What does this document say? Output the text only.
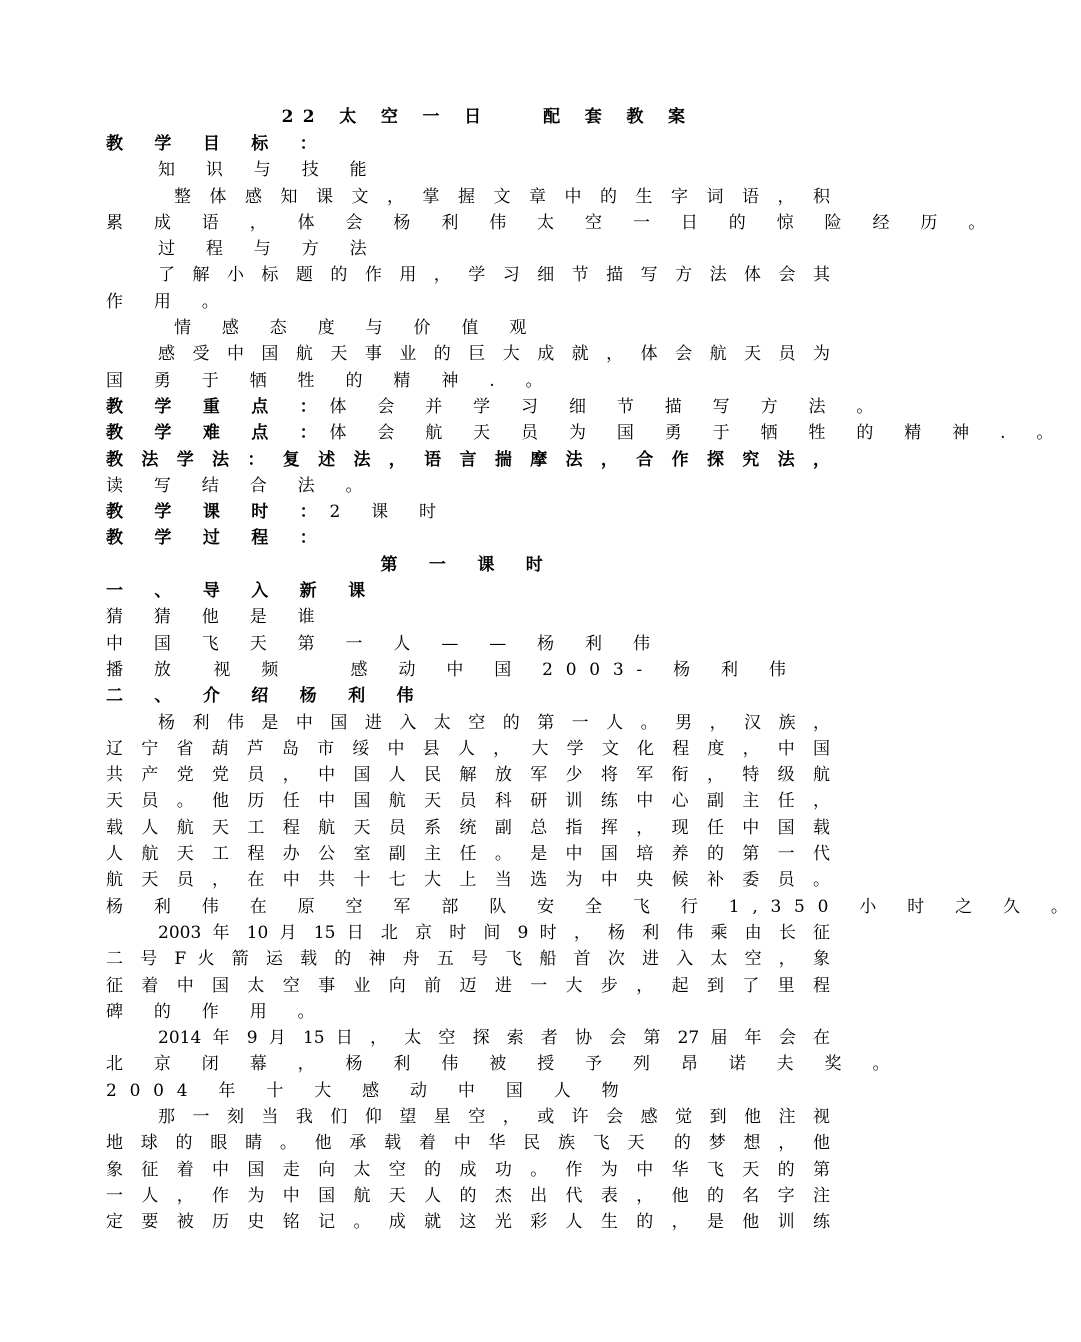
22 太 空 一 日　　配 套 教 案
教 学 目 标 ：
知 识 与 技 能
整 体 感 知 课 文 ， 掌 握 文 章 中 的 生 字 词 语 ， 积
累 成 语 ， 体 会 杨 利 伟 太 空 一 日 的 惊 险 经 历 。
过 程 与 方 法
了 解 小 标 题 的 作 用 ， 学 习 细 节 描 写 方 法 体 会 其
作 用 。
情 感 态 度 与 价 值 观
感 受 中 国 航 天 事 业 的 巨 大 成 就 ， 体 会 航 天 员 为
国 勇 于 牺 牲 的 精 神 . 。
教 学 重 点 ：体 会 并 学 习 细 节 描 写 方 法 。
教 学 难 点 ：体 会 航 天 员 为 国 勇 于 牺 牲 的 精 神 . 。
教 法 学 法 ： 复 述 法 ， 语 言 揣 摩 法 ， 合 作 探 究 法 ，
读 写 结 合 法 。
教 学 课 时 ：2 课 时
教 学 过 程 ：
第 一 课 时
一 、 导 入 新 课
猜 猜 他 是 谁
中 国 飞 天 第 一 人 — — 杨 利 伟
播 放　视 频　　感 动 中 国 2003- 杨 利 伟
二 、 介 绍 杨 利 伟
杨 利 伟 是 中 国 进 入 太 空 的 第 一 人 。 男 ， 汉 族 ，
辽 宁 省 葫 芦 岛 市 绥 中 县 人 ，　大 学 文 化 程 度 ， 中 国
共 产 党 党 员 ， 中 国 人 民 解 放 军 少 将 军 衔 ， 特 级 航
天 员 。 他 历 任 中 国 航 天 员 科 研 训 练 中 心 副 主 任 ，
载 人 航 天 工 程 航 天 员 系 统 副 总 指 挥 ， 现 任 中 国 载
人 航 天 工 程 办 公 室 副 主 任 。 是 中 国 培 养 的 第 一 代
航 天 员 ， 在 中 共 十 七 大 上 当 选 为 中 央 候 补 委 员 。
杨 利 伟 在 原 空 军 部 队 安 全 飞 行 1,350 小 时 之 久 。
2003 年 10 月 15 日 北 京 时 间 9 时 ， 杨 利 伟 乘 由 长 征
二 号 F 火 箭 运 载 的 神 舟 五 号 飞 船 首 次 进 入 太 空 ， 象
征 着 中 国 太 空 事 业 向 前 迈 进 一 大 步 ， 起 到 了 里 程
碑 的 作 用 。
2014 年 9 月 15 日 ， 太 空 探 索 者 协 会 第 27 届 年 会 在
北 京 闭 幕 ， 杨 利 伟 被 授 予 列 昂 诺 夫 奖 。
2004 年 十 大 感 动 中 国 人 物
那 一 刻 当 我 们 仰 望 星 空 ， 或 许 会 感 觉 到 他 注 视
地 球 的 眼 睛 。 他 承 载 着 中 华 民 族 飞 天　的 梦 想 ， 他
象 征 着 中 国 走 向 太 空 的 成 功 。 作 为 中 华 飞 天 的 第
一 人 ， 作 为 中 国 航 天 人 的 杰 出 代 表 ， 他 的 名 字 注
定 要 被 历 史 铭 记 。 成 就 这 光 彩 人 生 的 ， 是 他 训 练
